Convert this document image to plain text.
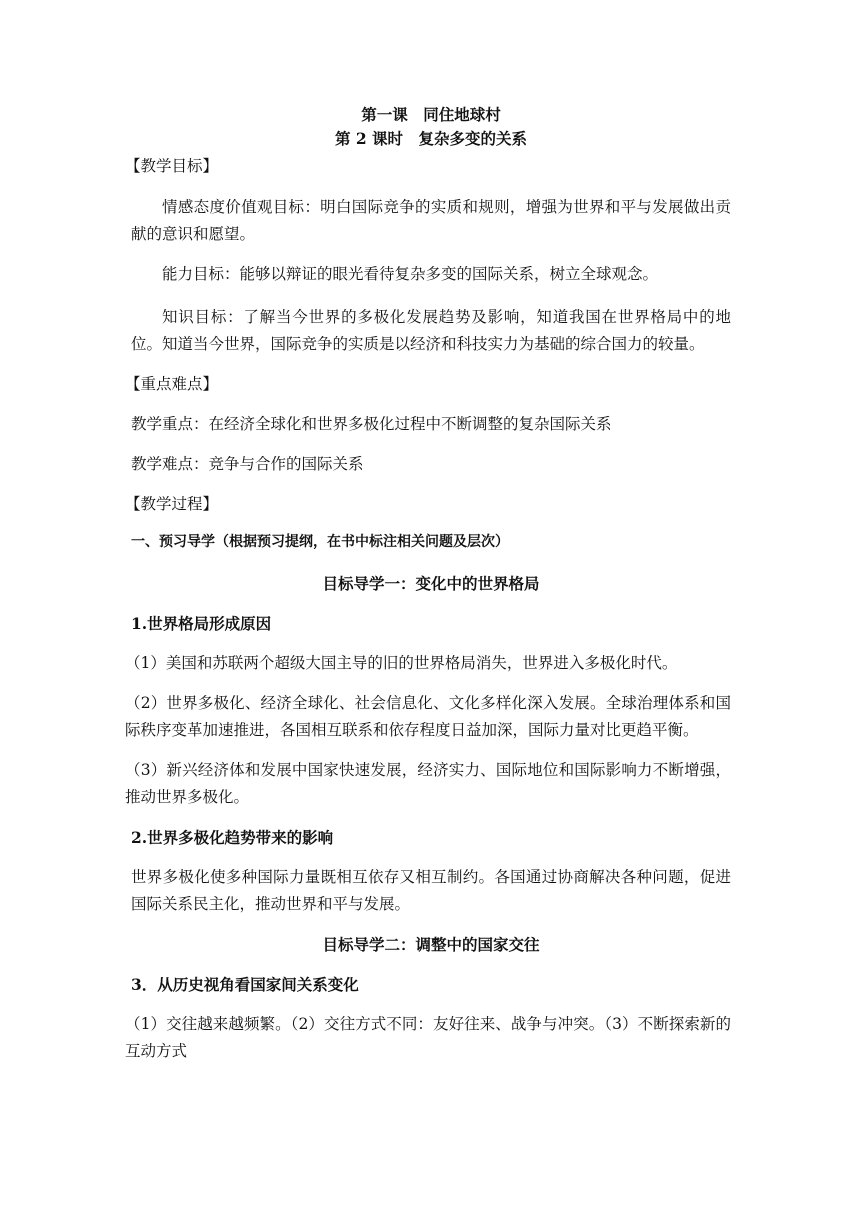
第一课　同住地球村

第 2 课时　复杂多变的关系

【教学目标】

情感态度价值观目标：明白国际竞争的实质和规则，增强为世界和平与发展做出贡献的意识和愿望。

能力目标：能够以辩证的眼光看待复杂多变的国际关系，树立全球观念。

知识目标：了解当今世界的多极化发展趋势及影响，知道我国在世界格局中的地位。知道当今世界，国际竞争的实质是以经济和科技实力为基础的综合国力的较量。

【重点难点】

教学重点：在经济全球化和世界多极化过程中不断调整的复杂国际关系

教学难点：竞争与合作的国际关系

【教学过程】

一、预习导学（根据预习提纲，在书中标注相关问题及层次）

目标导学一：变化中的世界格局

1.世界格局形成原因

（1）美国和苏联两个超级大国主导的旧的世界格局消失，世界进入多极化时代。

（2）世界多极化、经济全球化、社会信息化、文化多样化深入发展。全球治理体系和国际秩序变革加速推进，各国相互联系和依存程度日益加深，国际力量对比更趋平衡。

（3）新兴经济体和发展中国家快速发展，经济实力、国际地位和国际影响力不断增强，推动世界多极化。

2.世界多极化趋势带来的影响

世界多极化使多种国际力量既相互依存又相互制约。各国通过协商解决各种问题，促进国际关系民主化，推动世界和平与发展。

目标导学二：调整中的国家交往

3．从历史视角看国家间关系变化

（1）交往越来越频繁。（2）交往方式不同：友好往来、战争与冲突。（3）不断探索新的互动方式
